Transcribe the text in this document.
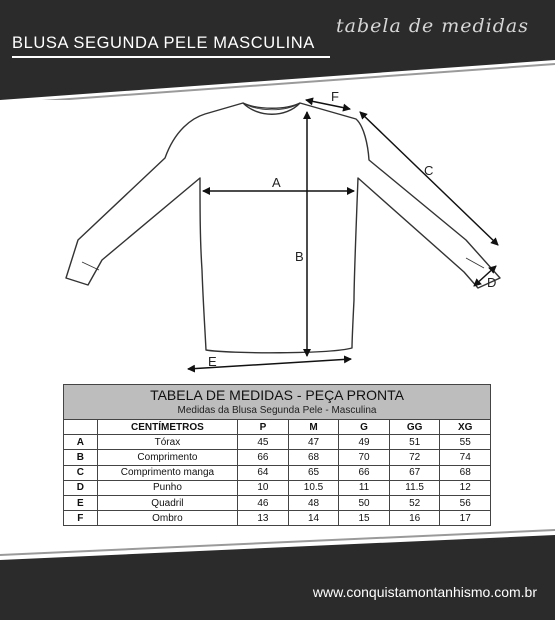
BLUSA SEGUNDA PELE MASCULINA
tabela de medidas
A
B
C
D
E
F
TABELA DE MEDIDAS - PEÇA PRONTA
Medidas da Blusa Segunda Pele - Masculina
	CENTÍMETROS	P	M	G	GG	XG
A	Tórax	45	47	49	51	55
B	Comprimento	66	68	70	72	74
C	Comprimento manga	64	65	66	67	68
D	Punho	10	10.5	11	11.5	12
E	Quadril	46	48	50	52	56
F	Ombro	13	14	15	16	17
www.conquistamontanhismo.com.br
